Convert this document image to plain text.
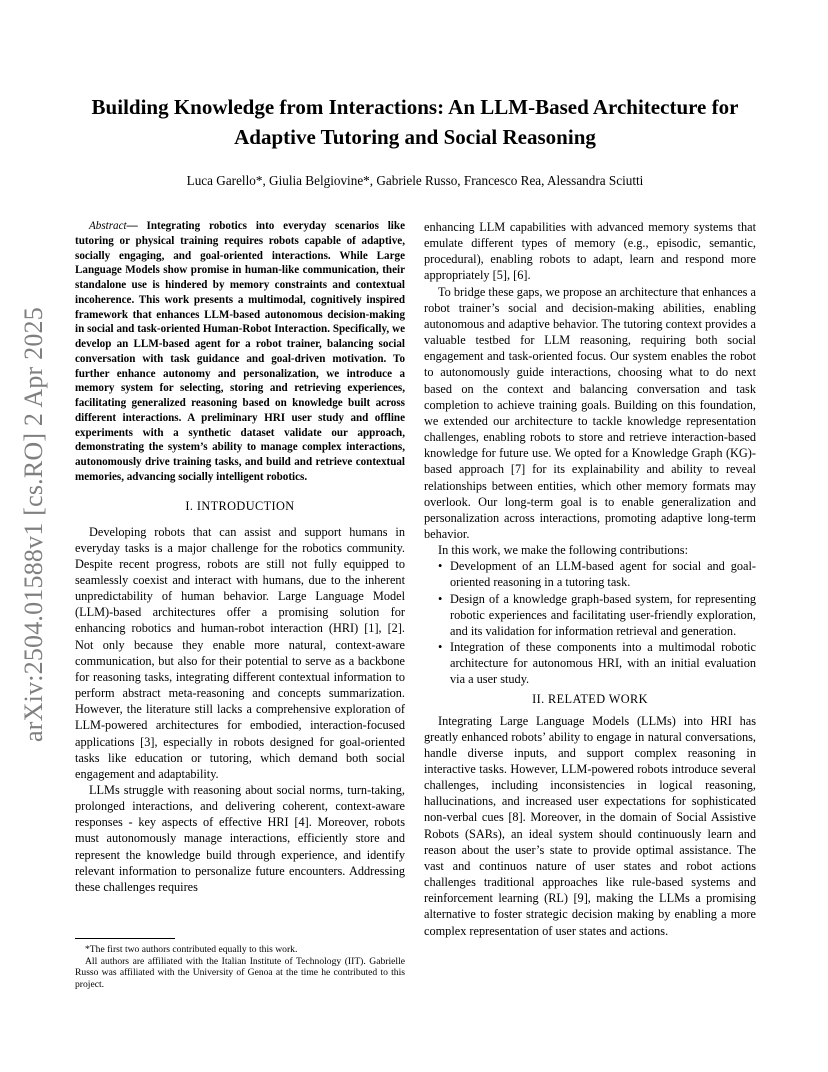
arXiv:2504.01588v1 [cs.RO] 2 Apr 2025
Building Knowledge from Interactions: An LLM-Based Architecture for Adaptive Tutoring and Social Reasoning
Luca Garello*, Giulia Belgiovine*, Gabriele Russo, Francesco Rea, Alessandra Sciutti

Abstract— Integrating robotics into everyday scenarios like tutoring or physical training requires robots capable of adaptive, socially engaging, and goal-oriented interactions. While Large Language Models show promise in human-like communication, their standalone use is hindered by memory constraints and contextual incoherence. This work presents a multimodal, cognitively inspired framework that enhances LLM-based autonomous decision-making in social and task-oriented Human-Robot Interaction. Specifically, we develop an LLM-based agent for a robot trainer, balancing social conversation with task guidance and goal-driven motivation. To further enhance autonomy and personalization, we introduce a memory system for selecting, storing and retrieving experiences, facilitating generalized reasoning based on knowledge built across different interactions. A preliminary HRI user study and offline experiments with a synthetic dataset validate our approach, demonstrating the system’s ability to manage complex interactions, autonomously drive training tasks, and build and retrieve contextual memories, advancing socially intelligent robotics.

I. INTRODUCTION

Developing robots that can assist and support humans in everyday tasks is a major challenge for the robotics community. Despite recent progress, robots are still not fully equipped to seamlessly coexist and interact with humans, due to the inherent unpredictability of human behavior. Large Language Model (LLM)-based architectures offer a promising solution for enhancing robotics and human-robot interaction (HRI) [1], [2]. Not only because they enable more natural, context-aware communication, but also for their potential to serve as a backbone for reasoning tasks, integrating different contextual information to perform abstract meta-reasoning and concepts summarization. However, the literature still lacks a comprehensive exploration of LLM-powered architectures for embodied, interaction-focused applications [3], especially in robots designed for goal-oriented tasks like education or tutoring, which demand both social engagement and adaptability.

LLMs struggle with reasoning about social norms, turn-taking, prolonged interactions, and delivering coherent, context-aware responses - key aspects of effective HRI [4]. Moreover, robots must autonomously manage interactions, efficiently store and represent the knowledge build through experience, and identify relevant information to personalize future encounters. Addressing these challenges requires

enhancing LLM capabilities with advanced memory systems that emulate different types of memory (e.g., episodic, semantic, procedural), enabling robots to adapt, learn and respond more appropriately [5], [6].

To bridge these gaps, we propose an architecture that enhances a robot trainer’s social and decision-making abilities, enabling autonomous and adaptive behavior. The tutoring context provides a valuable testbed for LLM reasoning, requiring both social engagement and task-oriented focus. Our system enables the robot to autonomously guide interactions, choosing what to do next based on the context and balancing conversation and task completion to achieve training goals. Building on this foundation, we extended our architecture to tackle knowledge representation challenges, enabling robots to store and retrieve interaction-based knowledge for future use. We opted for a Knowledge Graph (KG)-based approach [7] for its explainability and ability to reveal relationships between entities, which other memory formats may overlook. Our long-term goal is to enable generalization and personalization across interactions, promoting adaptive long-term behavior.

In this work, we make the following contributions:

• Development of an LLM-based agent for social and goal-oriented reasoning in a tutoring task.
• Design of a knowledge graph-based system, for representing robotic experiences and facilitating user-friendly exploration, and its validation for information retrieval and generation.
• Integration of these components into a multimodal robotic architecture for autonomous HRI, with an initial evaluation via a user study.
II. RELATED WORK

Integrating Large Language Models (LLMs) into HRI has greatly enhanced robots’ ability to engage in natural conversations, handle diverse inputs, and support complex reasoning in interactive tasks. However, LLM-powered robots introduce several challenges, including inconsistencies in logical reasoning, hallucinations, and increased user expectations for sophisticated non-verbal cues [8]. Moreover, in the domain of Social Assistive Robots (SARs), an ideal system should continuously learn and reason about the user’s state to provide optimal assistance. The vast and continuos nature of user states and robot actions challenges traditional approaches like rule-based systems and reinforcement learning (RL) [9], making the LLMs a promising alternative to foster strategic decision making by enabling a more complex representation of user states and actions.

*The first two authors contributed equally to this work.

All authors are affiliated with the Italian Institute of Technology (IIT). Gabrielle Russo was affiliated with the University of Genoa at the time he contributed to this project.
